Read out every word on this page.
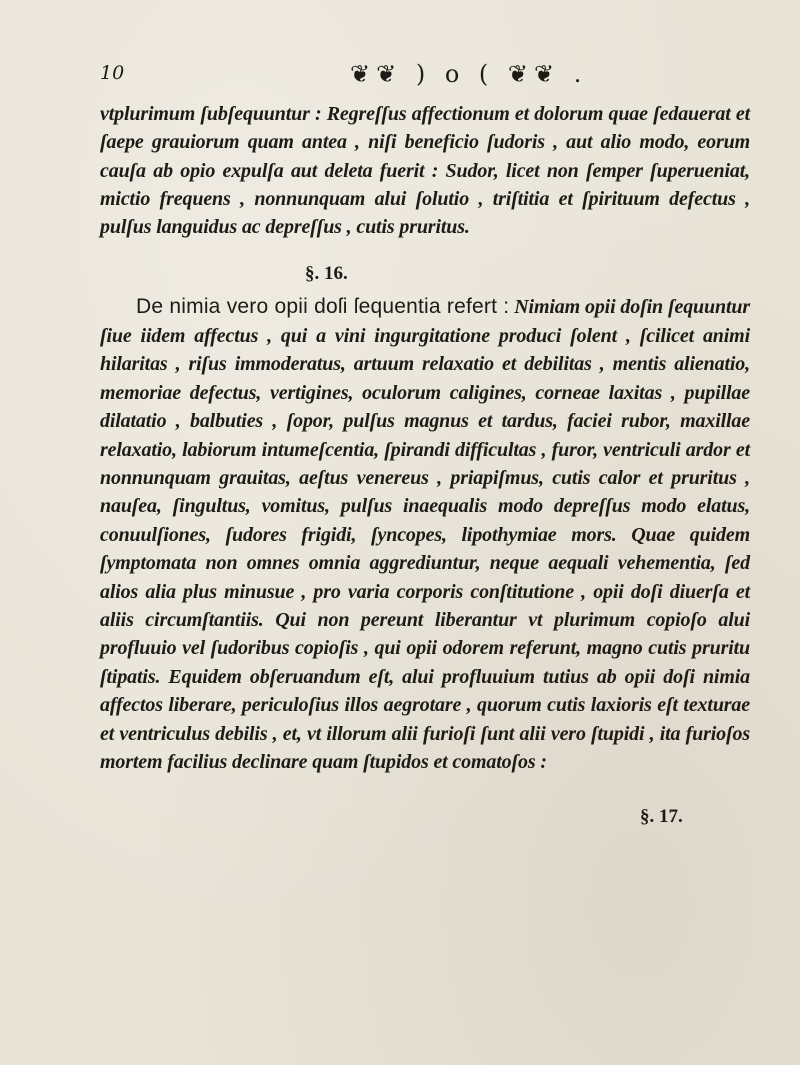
10	❦❦ ) o ( ❦❦ .

vtplurimum ſubſequuntur : Regreſſus affectionum et dolorum quae ſedauerat et ſaepe grauiorum quam antea , niſi beneficio ſudoris , aut alio modo, eorum cauſa ab opio expulſa aut deleta fuerit : Sudor, licet non ſemper ſuperueniat, mictio frequens , nonnunquam alui ſolutio , triſtitia et ſpirituum defectus , pulſus languidus ac depreſſus , cutis pruritus.

§. 16.

De nimia vero opii doſi ſequentia refert : Nimiam opii doſin ſequuntur ſiue iidem affectus , qui a vini ingurgitatione produci ſolent , ſcilicet animi hilaritas , riſus immoderatus, artuum relaxatio et debilitas , mentis alienatio, memoriae defectus, vertigines, oculorum caligines, corneae laxitas , pupillae dilatatio , balbuties , ſopor, pulſus magnus et tardus, faciei rubor, maxillae relaxatio, labiorum intumeſcentia, ſpirandi difficultas , furor, ventriculi ardor et nonnunquam grauitas, aeſtus venereus , priapiſmus, cutis calor et pruritus , nauſea, ſingultus, vomitus, pulſus inaequalis modo depreſſus modo elatus, conuulſiones, ſudores frigidi, ſyncopes, lipothymiae mors. Quae quidem ſymptomata non omnes omnia aggrediuntur, neque aequali vehementia, ſed alios alia plus minusue , pro varia corporis conſtitutione , opii doſi diuerſa et aliis circumſtantiis. Qui non pereunt liberantur vt plurimum copioſo alui profluuio vel ſudoribus copioſis , qui opii odorem referunt, magno cutis pruritu ſtipatis. Equidem obſeruandum eſt, alui profluuium tutius ab opii doſi nimia affectos liberare, periculoſius illos aegrotare , quorum cutis laxioris eſt texturae et ventriculus debilis , et, vt illorum alii furioſi ſunt alii vero ſtupidi , ita furioſos mortem facilius declinare quam ſtupidos et comatoſos :

§. 17.
